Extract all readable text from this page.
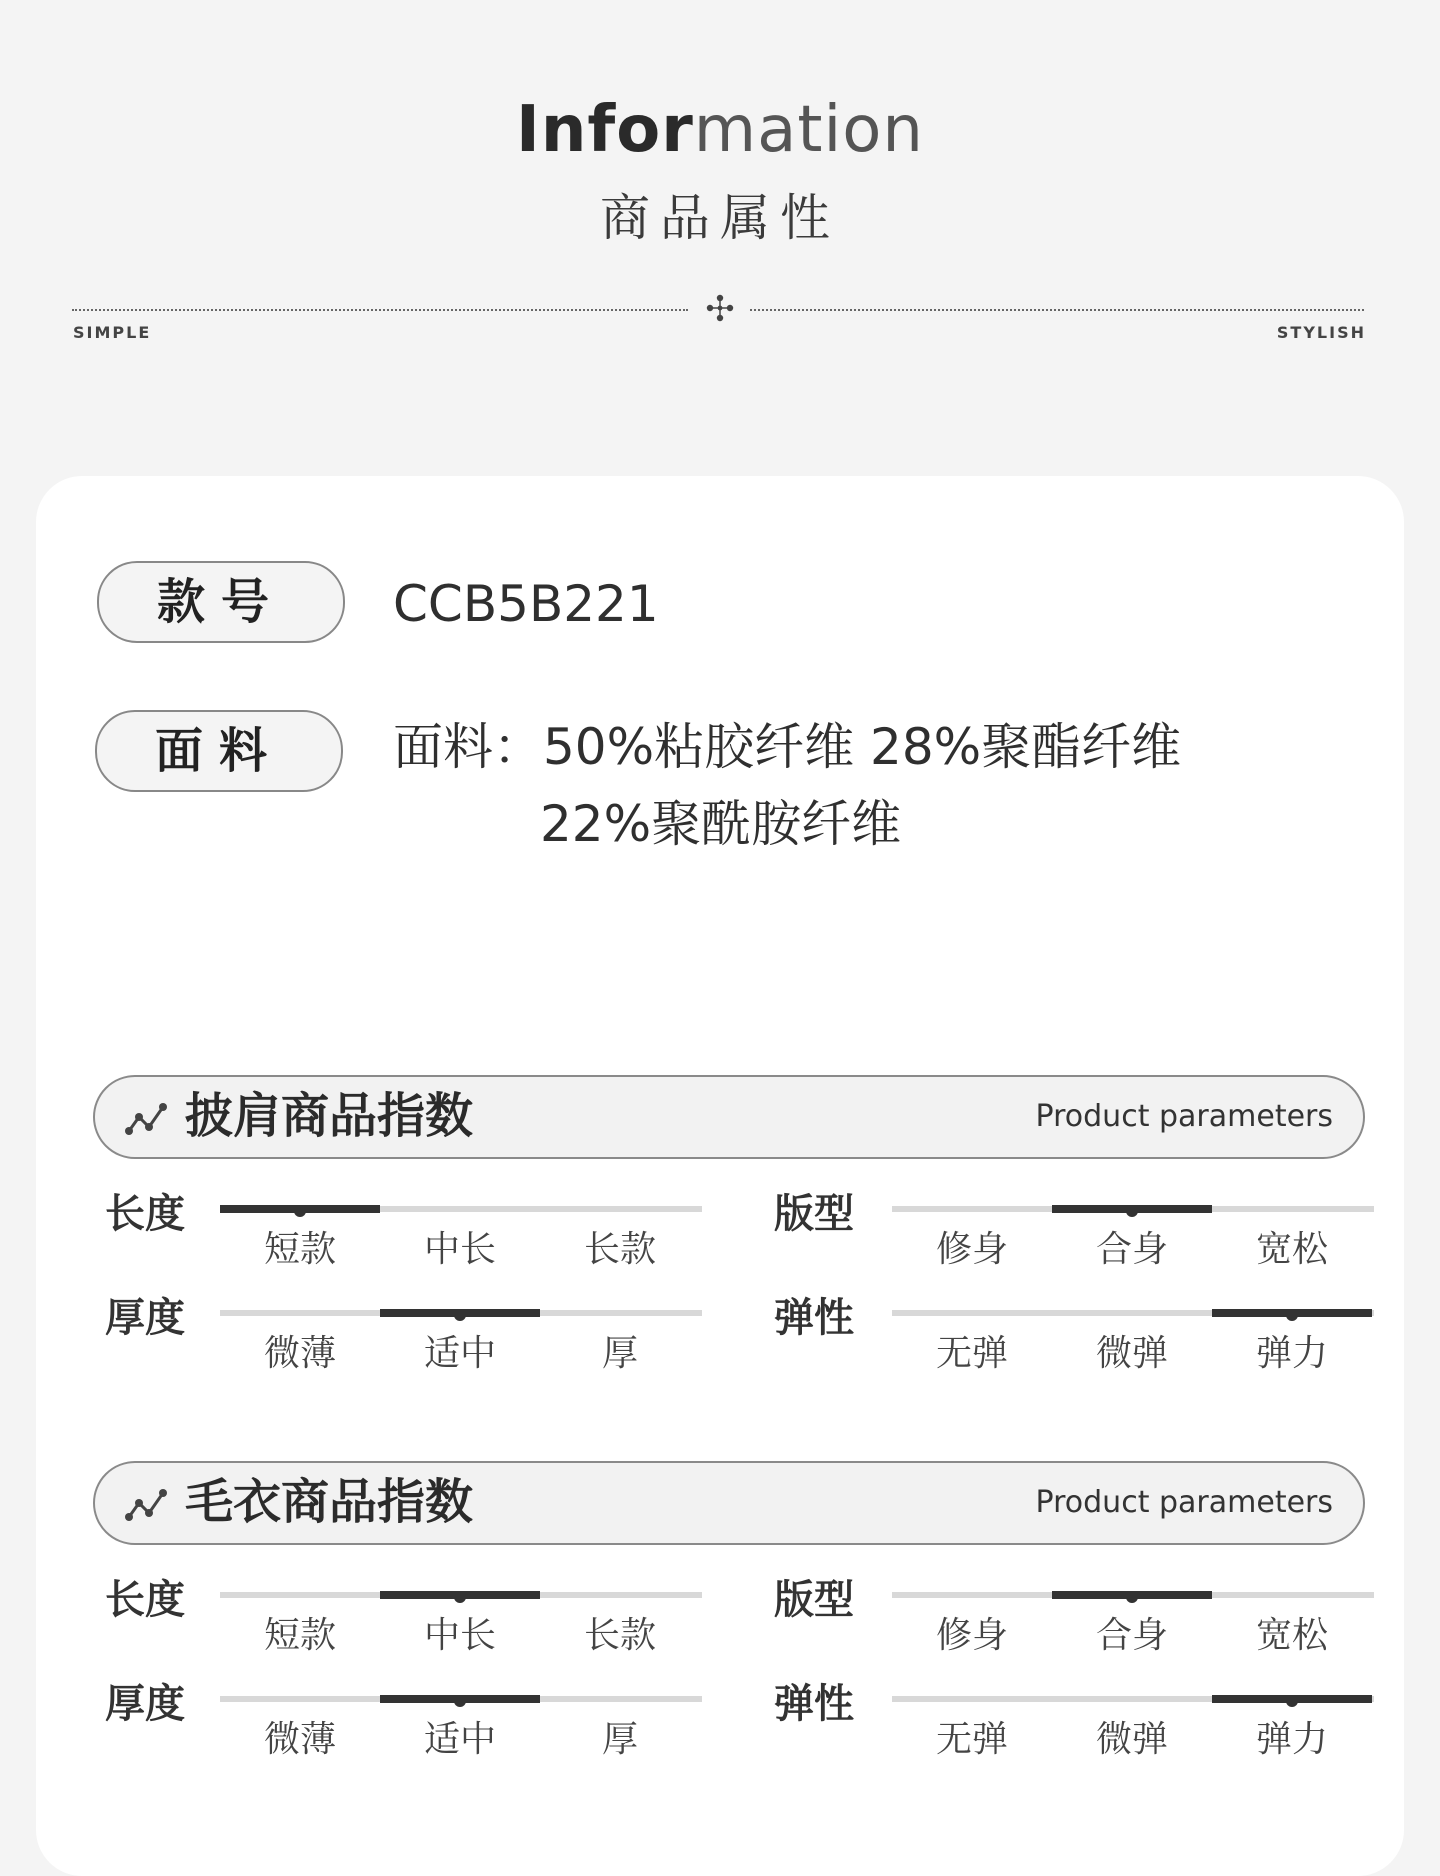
Information
商品属性
SIMPLE	STYLISH
款号	CCB5B221
面料	面料：50%粘胶纤维 28%聚酯纤维
22%聚酰胺纤维
披肩商品指数	Product parameters
毛衣商品指数	Product parameters
长度
短款	中长	长款
版型
修身	合身	宽松
厚度
微薄	适中	厚
弹性
无弹	微弹	弹力
长度
短款	中长	长款
版型
修身	合身	宽松
厚度
微薄	适中	厚
弹性
无弹	微弹	弹力
